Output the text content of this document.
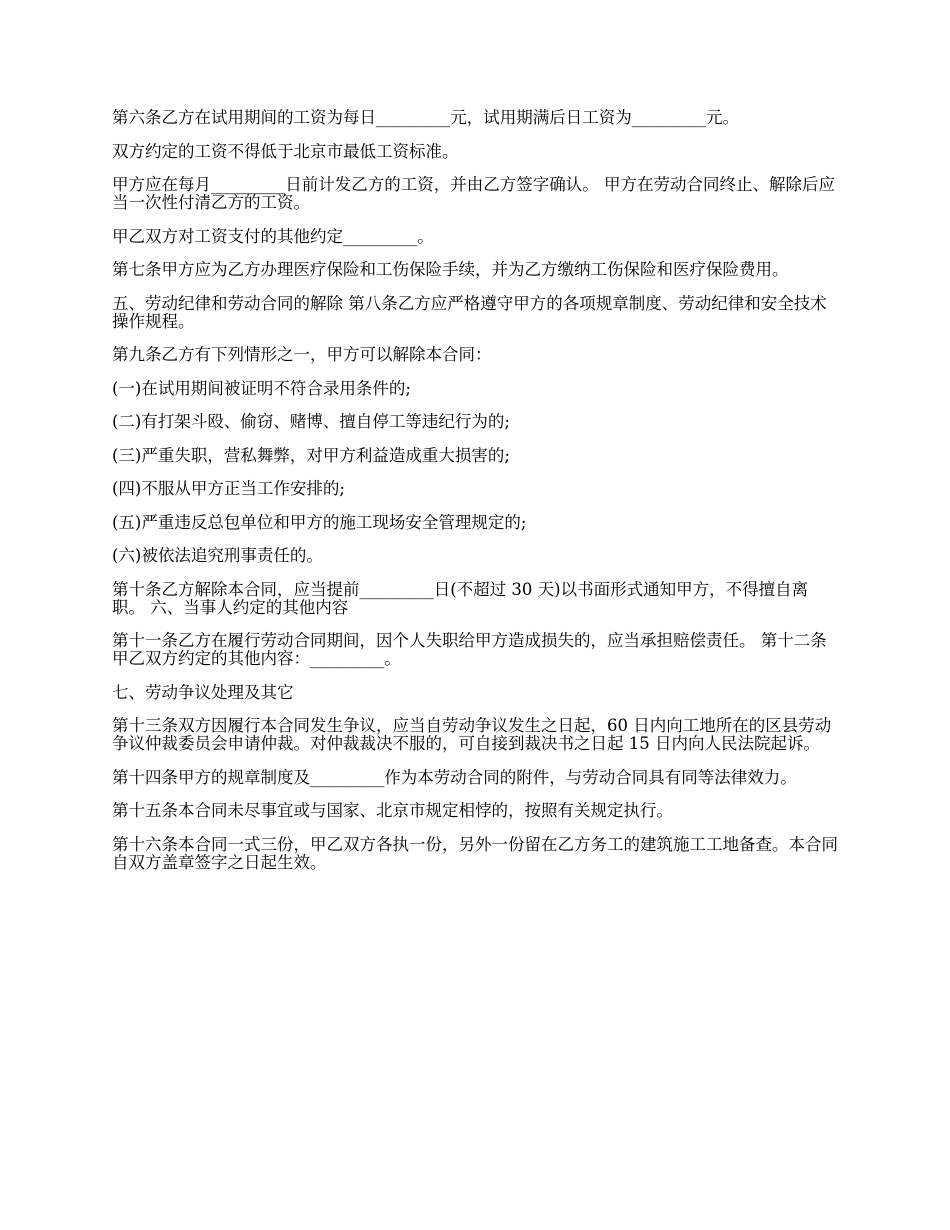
第六条乙方在试用期间的工资为每日_________元，试用期满后日工资为_________元。

双方约定的工资不得低于北京市最低工资标准。

甲方应在每月_________日前计发乙方的工资，并由乙方签字确认。 甲方在劳动合同终止、解除后应当一次性付清乙方的工资。

甲乙双方对工资支付的其他约定_________。

第七条甲方应为乙方办理医疗保险和工伤保险手续，并为乙方缴纳工伤保险和医疗保险费用。

五、劳动纪律和劳动合同的解除 第八条乙方应严格遵守甲方的各项规章制度、劳动纪律和安全技术操作规程。

第九条乙方有下列情形之一，甲方可以解除本合同：

(一)在试用期间被证明不符合录用条件的;

(二)有打架斗殴、偷窃、赌博、擅自停工等违纪行为的;

(三)严重失职，营私舞弊，对甲方利益造成重大损害的;

(四)不服从甲方正当工作安排的;

(五)严重违反总包单位和甲方的施工现场安全管理规定的;

(六)被依法追究刑事责任的。

第十条乙方解除本合同，应当提前_________日(不超过 30 天)以书面形式通知甲方，不得擅自离职。 六、当事人约定的其他内容

第十一条乙方在履行劳动合同期间，因个人失职给甲方造成损失的，应当承担赔偿责任。 第十二条甲乙双方约定的其他内容：_________。

七、劳动争议处理及其它

第十三条双方因履行本合同发生争议，应当自劳动争议发生之日起，60 日内向工地所在的区县劳动争议仲裁委员会申请仲裁。对仲裁裁决不服的，可自接到裁决书之日起 15 日内向人民法院起诉。

第十四条甲方的规章制度及_________作为本劳动合同的附件，与劳动合同具有同等法律效力。

第十五条本合同未尽事宜或与国家、北京市规定相悖的，按照有关规定执行。

第十六条本合同一式三份，甲乙双方各执一份，另外一份留在乙方务工的建筑施工工地备查。本合同自双方盖章签字之日起生效。
